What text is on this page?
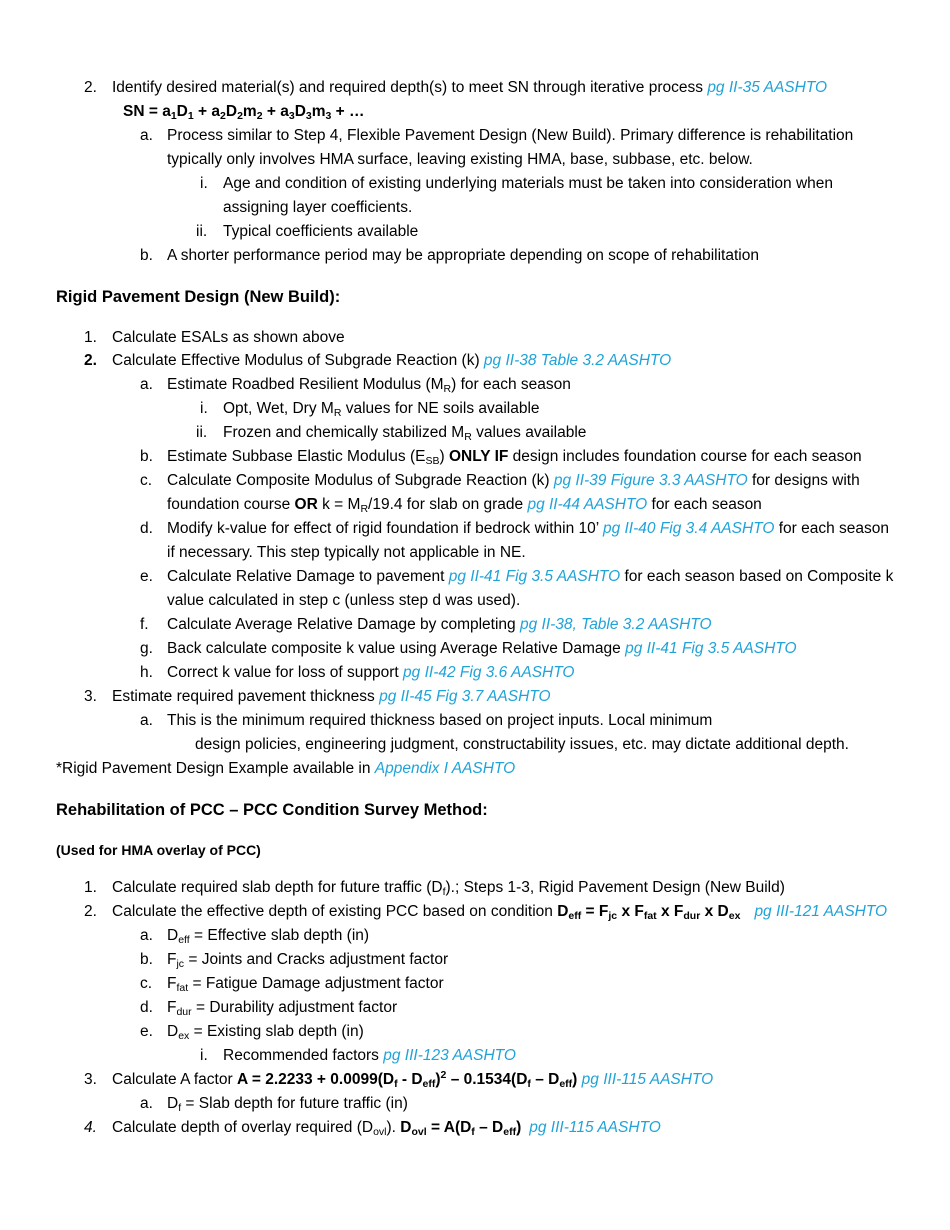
2. Identify desired material(s) and required depth(s) to meet SN through iterative process pg II-35 AASHTO
SN = $a_1D_1 + a_2D_2m_2 + a_3D_3m_3$ + …
a. Process similar to Step 4, Flexible Pavement Design (New Build). Primary difference is rehabilitation
typically only involves HMA surface, leaving existing HMA, base, subbase, etc. below.
i. Age and condition of existing underlying materials must be taken into consideration when
assigning layer coefficients.
ii. Typical coefficients available
b. A shorter performance period may be appropriate depending on scope of rehabilitation
Rigid Pavement Design (New Build):
1. Calculate ESALs as shown above
2. Calculate Effective Modulus of Subgrade Reaction (k) pg II-38 Table 3.2 AASHTO
a. Estimate Roadbed Resilient Modulus $(M_R)$ for each season
i. Opt, Wet, Dry $M_R$ values for NE soils available
ii. Frozen and chemically stabilized $M_R$ values available
b. Estimate Subbase Elastic Modulus $(E_{SB})$ ONLY IF design includes foundation course for each season
c. Calculate Composite Modulus of Subgrade Reaction (k) pg II-39 Figure 3.3 AASHTO for designs with
foundation course OR $k = M_R/19.4$ for slab on grade pg II-44 AASHTO for each season
d. Modify k-value for effect of rigid foundation if bedrock within 10’ pg II-40 Fig 3.4 AASHTO for each season
if necessary. This step typically not applicable in NE.
e. Calculate Relative Damage to pavement pg II-41 Fig 3.5 AASHTO for each season based on Composite k
value calculated in step c (unless step d was used).
f. Calculate Average Relative Damage by completing pg II-38, Table 3.2 AASHTO
g. Back calculate composite k value using Average Relative Damage pg II-41 Fig 3.5 AASHTO
h. Correct k value for loss of support pg II-42 Fig 3.6 AASHTO
3. Estimate required pavement thickness pg II-45 Fig 3.7 AASHTO
a. This is the minimum required thickness based on project inputs. Local minimum
design policies, engineering judgment, constructability issues, etc. may dictate additional depth.
*Rigid Pavement Design Example available in Appendix I AASHTO
Rehabilitation of PCC – PCC Condition Survey Method:
(Used for HMA overlay of PCC)
1. Calculate required slab depth for future traffic $(D_f)$.; Steps 1-3, Rigid Pavement Design (New Build)
2. Calculate the effective depth of existing PCC based on condition $D_{eff} = F_{jc}$ x $F_{fat}$ x $F_{dur}$ x $D_{ex}$ pg III-121 AASHTO
a. $D_{eff}$ = Effective slab depth (in)
b. $F_{jc}$ = Joints and Cracks adjustment factor
c. $F_{fat}$ = Fatigue Damage adjustment factor
d. $F_{dur}$ = Durability adjustment factor
e. $D_{ex}$ = Existing slab depth (in)
i. Recommended factors pg III-123 AASHTO
3. Calculate A factor $A = 2.2233 + 0.0099(D_f - D_{eff})^2 - 0.1534(D_f - D_{eff})$ pg III-115 AASHTO
a. $D_f$ = Slab depth for future traffic (in)
4. Calculate depth of overlay required $(D_{ovl})$. $D_{ovl} = A(D_f - D_{eff})$ pg III-115 AASHTO
